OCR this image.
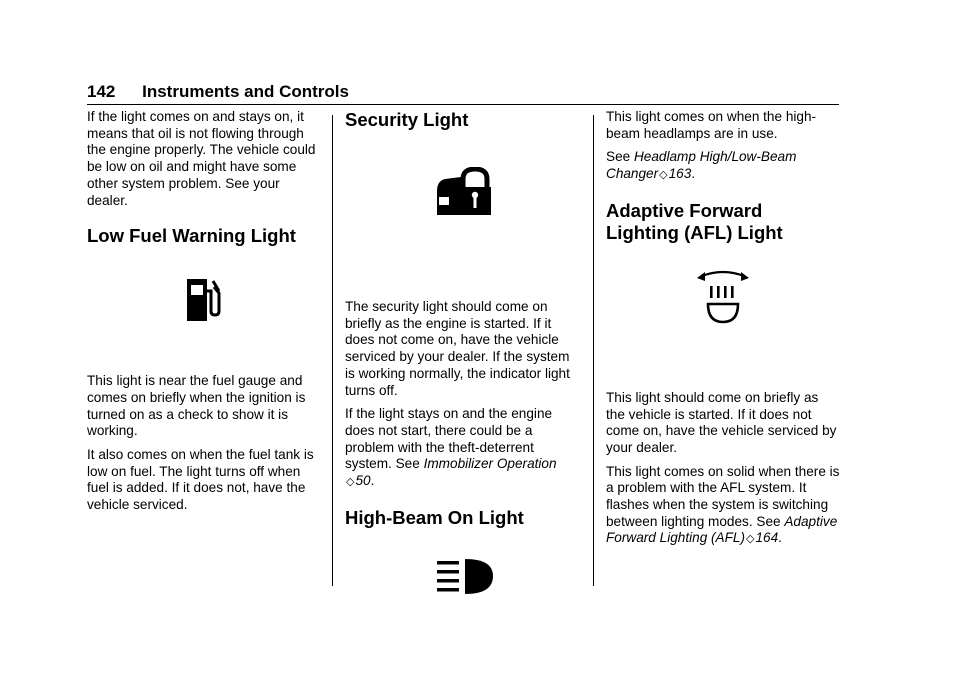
142 Instruments and Controls

If the light comes on and stays on, it means that oil is not flowing through the engine properly. The vehicle could be low on oil and might have some other system problem. See your dealer.

Low Fuel Warning Light

This light is near the fuel gauge and comes on briefly when the ignition is turned on as a check to show it is working.

It also comes on when the fuel tank is low on fuel. The light turns off when fuel is added. If it does not, have the vehicle serviced.

Security Light

The security light should come on briefly as the engine is started. If it does not come on, have the vehicle serviced by your dealer. If the system is working normally, the indicator light turns off.

If the light stays on and the engine does not start, there could be a problem with the theft-deterrent system. See Immobilizer Operation
◇50.

High-Beam On Light

This light comes on when the high-beam headlamps are in use.

See Headlamp High/Low-Beam Changer◇163.

Adaptive Forward Lighting (AFL) Light

This light should come on briefly as the vehicle is started. If it does not come on, have the vehicle serviced by your dealer.

This light comes on solid when there is a problem with the AFL system. It flashes when the system is switching between lighting modes. See Adaptive Forward Lighting (AFL)◇164.
